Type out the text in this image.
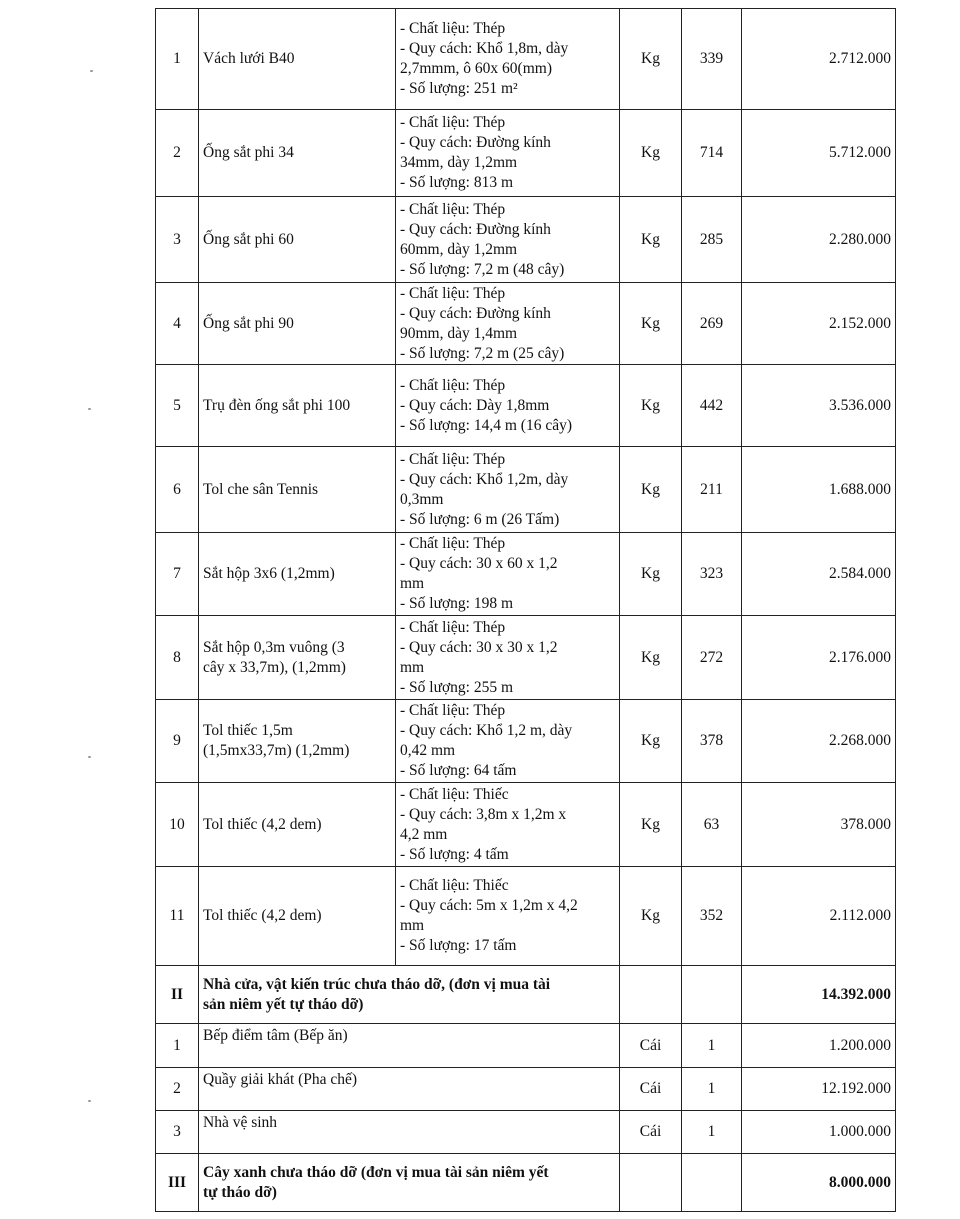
1	Vách lưới B40	- Chất liệu: Thép
- Quy cách: Khổ 1,8m, dày
2,7mmm, ô 60x 60(mm)
- Số lượng: 251 m²	Kg	339	2.712.000
2	Ống sắt phi 34	- Chất liệu: Thép
- Quy cách: Đường kính
34mm, dày 1,2mm
- Số lượng: 813 m	Kg	714	5.712.000
3	Ống sắt phi 60	- Chất liệu: Thép
- Quy cách: Đường kính
60mm, dày 1,2mm
- Số lượng: 7,2 m (48 cây)	Kg	285	2.280.000
4	Ống sắt phi 90	- Chất liệu: Thép
- Quy cách: Đường kính
90mm, dày 1,4mm
- Số lượng: 7,2 m (25 cây)	Kg	269	2.152.000
5	Trụ đèn ống sắt phi 100	- Chất liệu: Thép
- Quy cách: Dày 1,8mm
- Số lượng: 14,4 m (16 cây)	Kg	442	3.536.000
6	Tol che sân Tennis	- Chất liệu: Thép
- Quy cách: Khổ 1,2m, dày
0,3mm
- Số lượng: 6 m (26 Tấm)	Kg	211	1.688.000
7	Sắt hộp 3x6 (1,2mm)	- Chất liệu: Thép
- Quy cách: 30 x 60 x 1,2
mm
- Số lượng: 198 m	Kg	323	2.584.000
8	Sắt hộp 0,3m vuông (3
cây x 33,7m), (1,2mm)	- Chất liệu: Thép
- Quy cách: 30 x 30 x 1,2
mm
- Số lượng: 255 m	Kg	272	2.176.000
9	Tol thiếc 1,5m
(1,5mx33,7m) (1,2mm)	- Chất liệu: Thép
- Quy cách: Khổ 1,2 m, dày
0,42 mm
- Số lượng: 64 tấm	Kg	378	2.268.000
10	Tol thiếc (4,2 dem)	- Chất liệu: Thiếc
- Quy cách: 3,8m x 1,2m x
4,2 mm
- Số lượng: 4 tấm	Kg	63	378.000
11	Tol thiếc (4,2 dem)	- Chất liệu: Thiếc
- Quy cách: 5m x 1,2m x 4,2
mm
- Số lượng: 17 tấm	Kg	352	2.112.000
II	Nhà cửa, vật kiến trúc chưa tháo dỡ, (đơn vị mua tài
sản niêm yết tự tháo dỡ)				14.392.000
1	Bếp điểm tâm (Bếp ăn)		Cái	1	1.200.000
2	Quầy giải khát (Pha chế)		Cái	1	12.192.000
3	Nhà vệ sinh		Cái	1	1.000.000
III	Cây xanh chưa tháo dỡ (đơn vị mua tài sản niêm yết
tự tháo dỡ)				8.000.000
